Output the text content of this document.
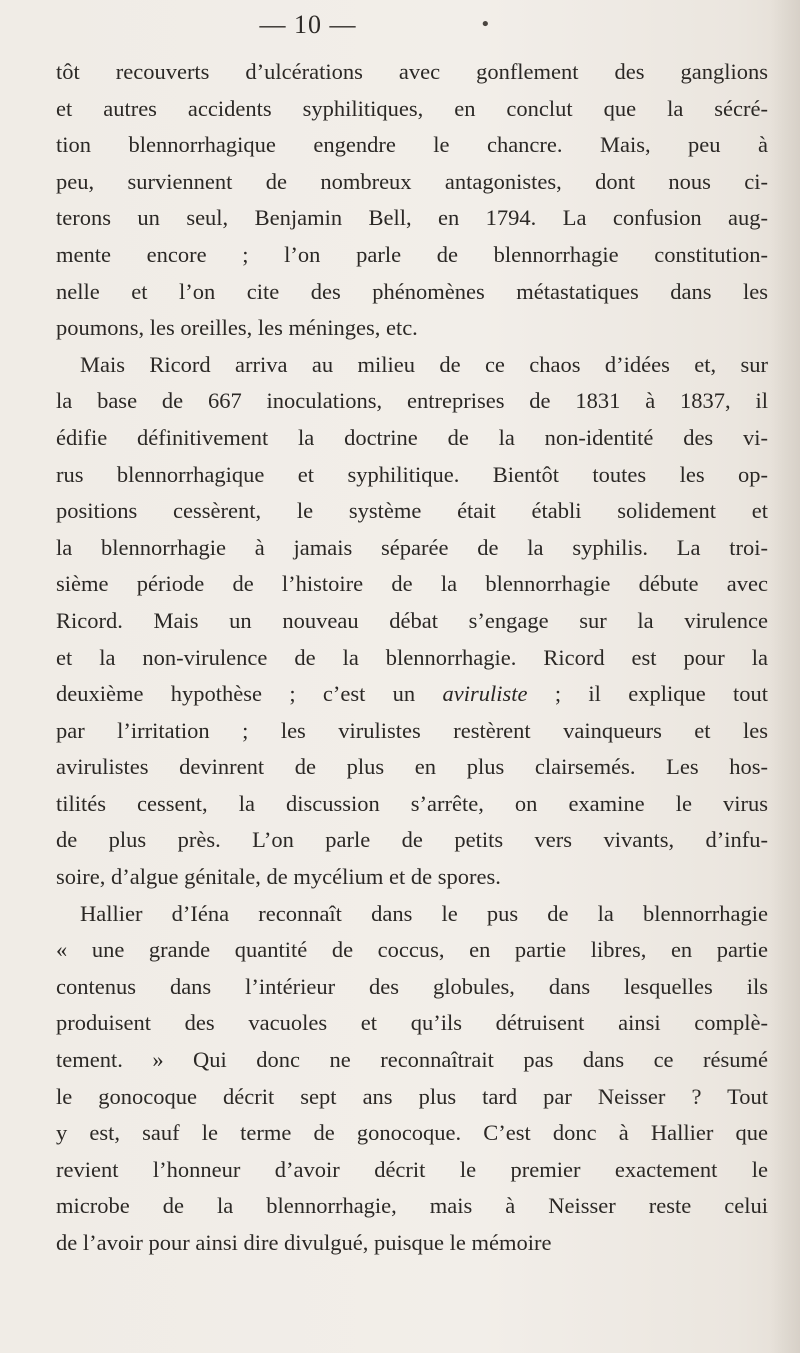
— 10 —	•
tôt recouverts d’ulcérations avec gonflement des ganglions
et autres accidents syphilitiques, en conclut que la sécré-
tion blennorrhagique engendre le chancre. Mais, peu à
peu, surviennent de nombreux antagonistes, dont nous ci-
terons un seul, Benjamin Bell, en 1794. La confusion aug-
mente encore ; l’on parle de blennorrhagie constitution-
nelle et l’on cite des phénomènes métastatiques dans les
poumons, les oreilles, les méninges, etc.
Mais Ricord arriva au milieu de ce chaos d’idées et, sur
la base de 667 inoculations, entreprises de 1831 à 1837, il
édifie définitivement la doctrine de la non-identité des vi-
rus blennorrhagique et syphilitique. Bientôt toutes les op-
positions cessèrent, le système était établi solidement et
la blennorrhagie à jamais séparée de la syphilis. La troi-
sième période de l’histoire de la blennorrhagie débute avec
Ricord. Mais un nouveau débat s’engage sur la virulence
et la non-virulence de la blennorrhagie. Ricord est pour la
deuxième hypothèse ; c’est un aviruliste ; il explique tout
par l’irritation ; les virulistes restèrent vainqueurs et les
avirulistes devinrent de plus en plus clairsemés. Les hos-
tilités cessent, la discussion s’arrête, on examine le virus
de plus près. L’on parle de petits vers vivants, d’infu-
soire, d’algue génitale, de mycélium et de spores.
Hallier d’Iéna reconnaît dans le pus de la blennorrhagie
« une grande quantité de coccus, en partie libres, en partie
contenus dans l’intérieur des globules, dans lesquelles ils
produisent des vacuoles et qu’ils détruisent ainsi complè-
tement. » Qui donc ne reconnaîtrait pas dans ce résumé
le gonocoque décrit sept ans plus tard par Neisser ? Tout
y est, sauf le terme de gonocoque. C’est donc à Hallier que
revient l’honneur d’avoir décrit le premier exactement le
microbe de la blennorrhagie, mais à Neisser reste celui
de l’avoir pour ainsi dire divulgué, puisque le mémoire
